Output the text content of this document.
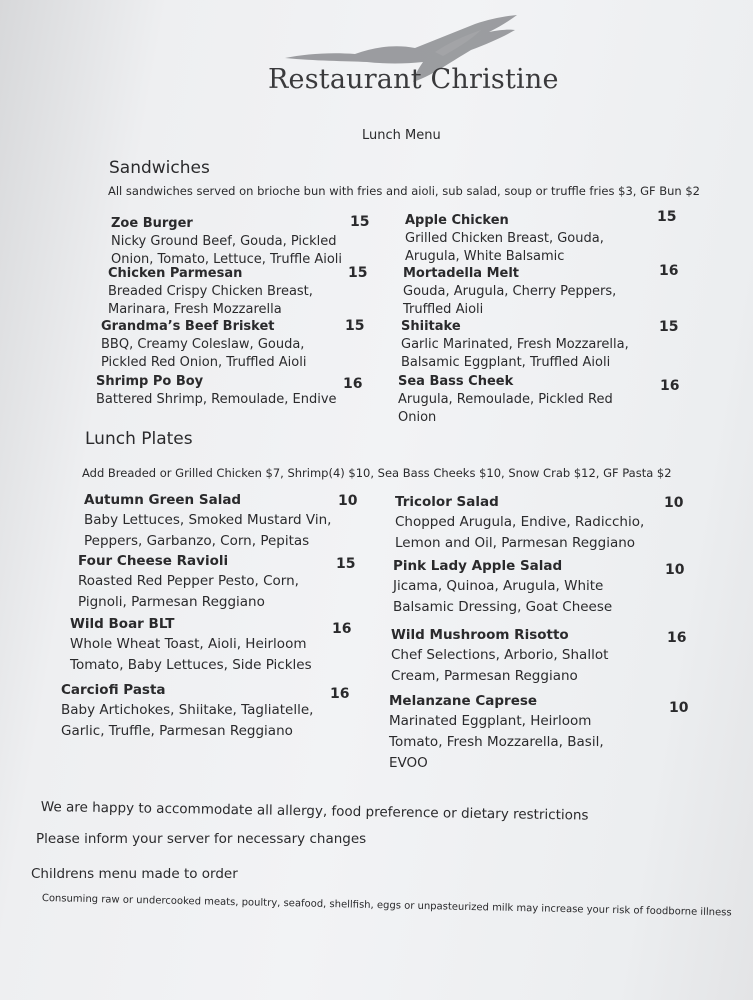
Restaurant Christine
Lunch Menu
Sandwiches
All sandwiches served on brioche bun with fries and aioli, sub salad, soup or truffle fries $3, GF Bun $2
Zoe Burger
Nicky Ground Beef, Gouda, Pickled
Onion, Tomato, Lettuce, Truffle Aioli
15
Chicken Parmesan
Breaded Crispy Chicken Breast,
Marinara, Fresh Mozzarella
15
Grandma’s Beef Brisket
BBQ, Creamy Coleslaw, Gouda,
Pickled Red Onion, Truffled Aioli
15
Shrimp Po Boy
Battered Shrimp, Remoulade, Endive
16
Apple Chicken
Grilled Chicken Breast, Gouda,
Arugula, White Balsamic
15
Mortadella Melt
Gouda, Arugula, Cherry Peppers,
Truffled Aioli
16
Shiitake
Garlic Marinated, Fresh Mozzarella,
Balsamic Eggplant, Truffled Aioli
15
Sea Bass Cheek
Arugula, Remoulade, Pickled Red
Onion
16
Lunch Plates
Add Breaded or Grilled Chicken $7, Shrimp(4) $10, Sea Bass Cheeks $10, Snow Crab $12, GF Pasta $2
Autumn Green Salad
Baby Lettuces, Smoked Mustard Vin,
Peppers, Garbanzo, Corn, Pepitas
10
Four Cheese Ravioli
Roasted Red Pepper Pesto, Corn,
Pignoli, Parmesan Reggiano
15
Wild Boar BLT
Whole Wheat Toast, Aioli, Heirloom
Tomato, Baby Lettuces, Side Pickles
16
Carciofi Pasta
Baby Artichokes, Shiitake, Tagliatelle,
Garlic, Truffle, Parmesan Reggiano
16
Tricolor Salad
Chopped Arugula, Endive, Radicchio,
Lemon and Oil, Parmesan Reggiano
10
Pink Lady Apple Salad
Jicama, Quinoa, Arugula, White
Balsamic Dressing, Goat Cheese
10
Wild Mushroom Risotto
Chef Selections, Arborio, Shallot
Cream, Parmesan Reggiano
16
Melanzane Caprese
Marinated Eggplant, Heirloom
Tomato, Fresh Mozzarella, Basil,
EVOO
10
We are happy to accommodate all allergy, food preference or dietary restrictions
Please inform your server for necessary changes
Childrens menu made to order
Consuming raw or undercooked meats, poultry, seafood, shellfish, eggs or unpasteurized milk may increase your risk of foodborne illness
